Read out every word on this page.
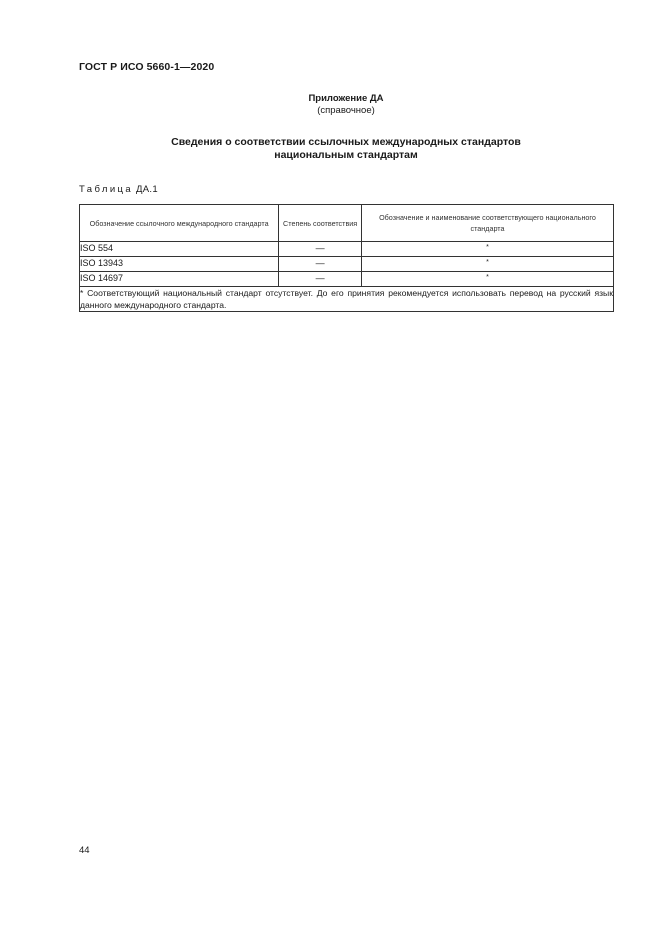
ГОСТ Р ИСО 5660-1—2020
Приложение ДА
(справочное)
Сведения о соответствии ссылочных международных стандартов
национальным стандартам
Таблица ДА.1
Обозначение ссылочного международного стандарта	Степень соответствия	Обозначение и наименование соответствующего национального стандарта
ISO 554	—	*
ISO 13943	—	*
ISO 14697	—	*
* Соответствующий национальный стандарт отсутствует. До его принятия рекомендуется использовать перевод на русский язык данного международного стандарта.		
44
